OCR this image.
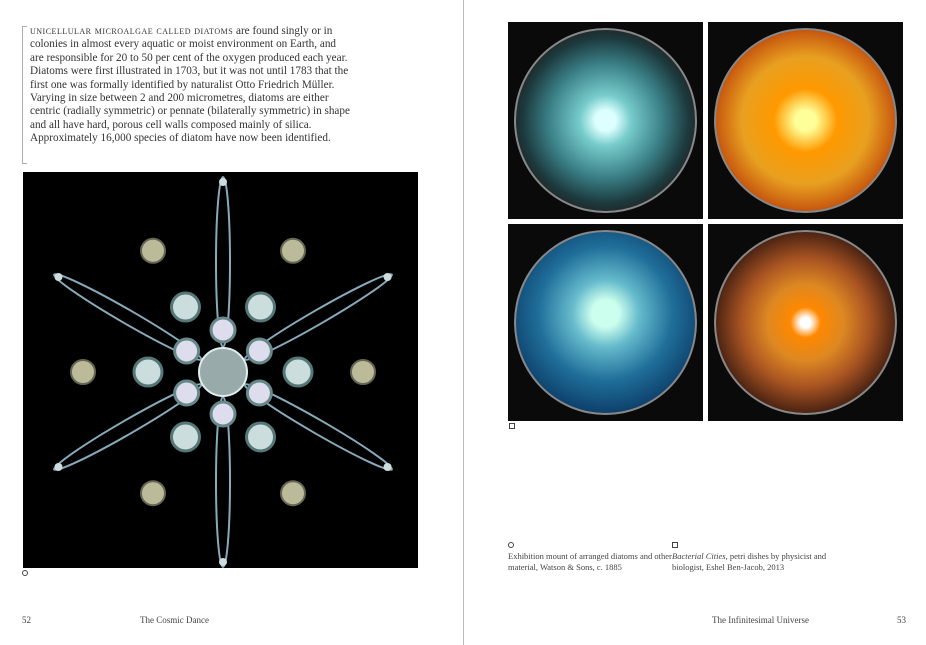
unicellular microalgae called diatoms are found singly or in colonies in almost every aquatic or moist environment on Earth, and are responsible for 20 to 50 per cent of the oxygen produced each year. Diatoms were first illustrated in 1703, but it was not until 1783 that the first one was formally identified by naturalist Otto Friedrich Müller. Varying in size between 2 and 200 micrometres, diatoms are either centric (radially symmetric) or pennate (bilaterally symmetric) in shape and all have hard, porous cell walls composed mainly of silica. Approximately 16,000 species of diatom have now been identified.
52	The Cosmic Dance
Exhibition mount of arranged diatoms and other material, Watson & Sons, c. 1885
Bacterial Cities, petri dishes by physicist and biologist, Eshel Ben-Jacob, 2013
The Infinitesimal Universe	53
